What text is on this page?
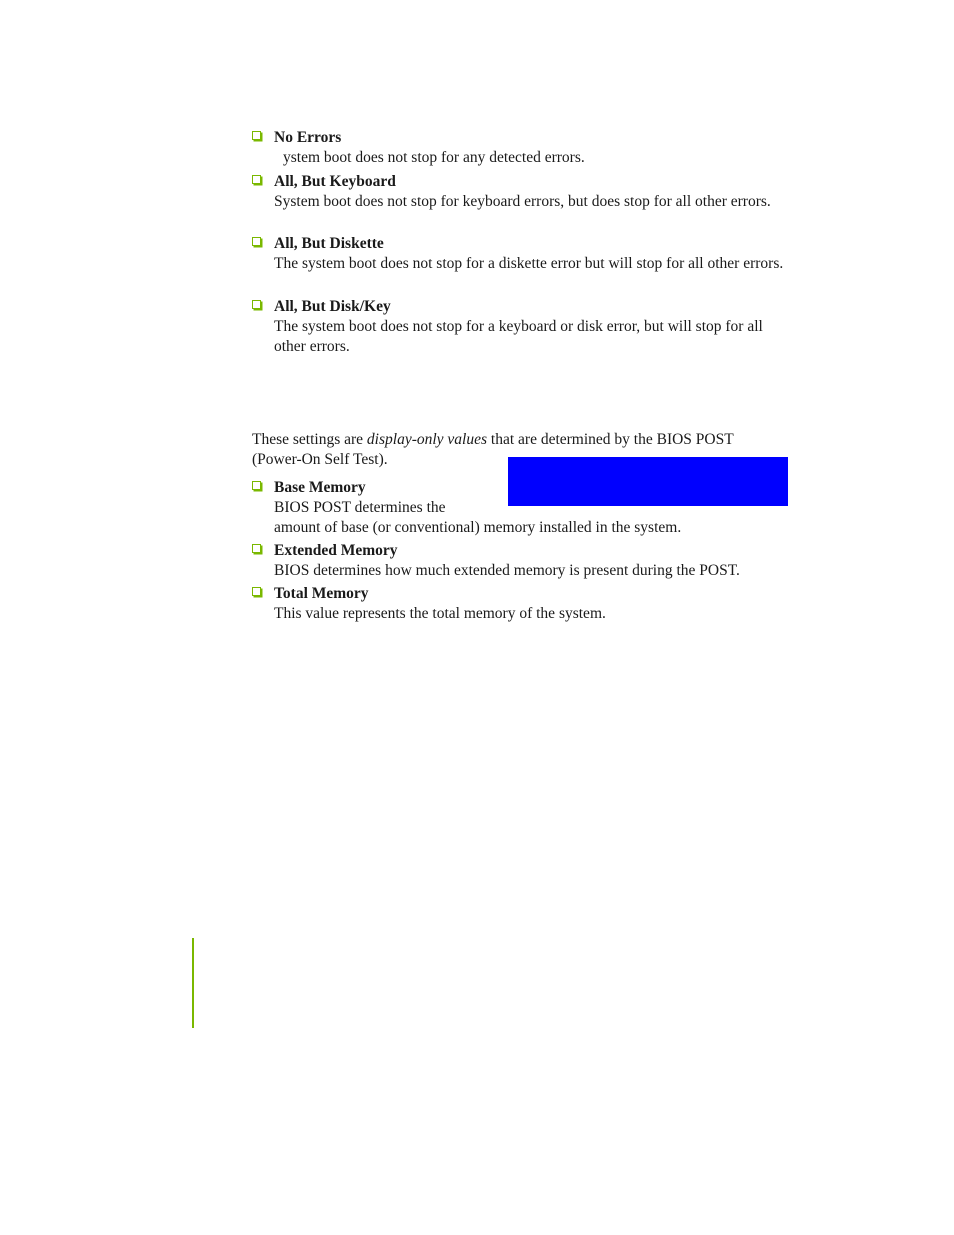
No Errors
ystem boot does not stop for any detected errors.
All, But Keyboard
System boot does not stop for keyboard errors, but does stop for all other errors.
All, But Diskette
The system boot does not stop for a diskette error but will stop for all other errors.
All, But Disk/Key
The system boot does not stop for a keyboard or disk error, but will stop for all other errors.
These settings are display-only values that are determined by the BIOS POST (Power-On Self Test).
Base Memory
BIOS POST determines the
amount of base (or conventional) memory installed in the system.
Extended Memory
BIOS determines how much extended memory is present during the POST.
Total Memory
This value represents the total memory of the system.
